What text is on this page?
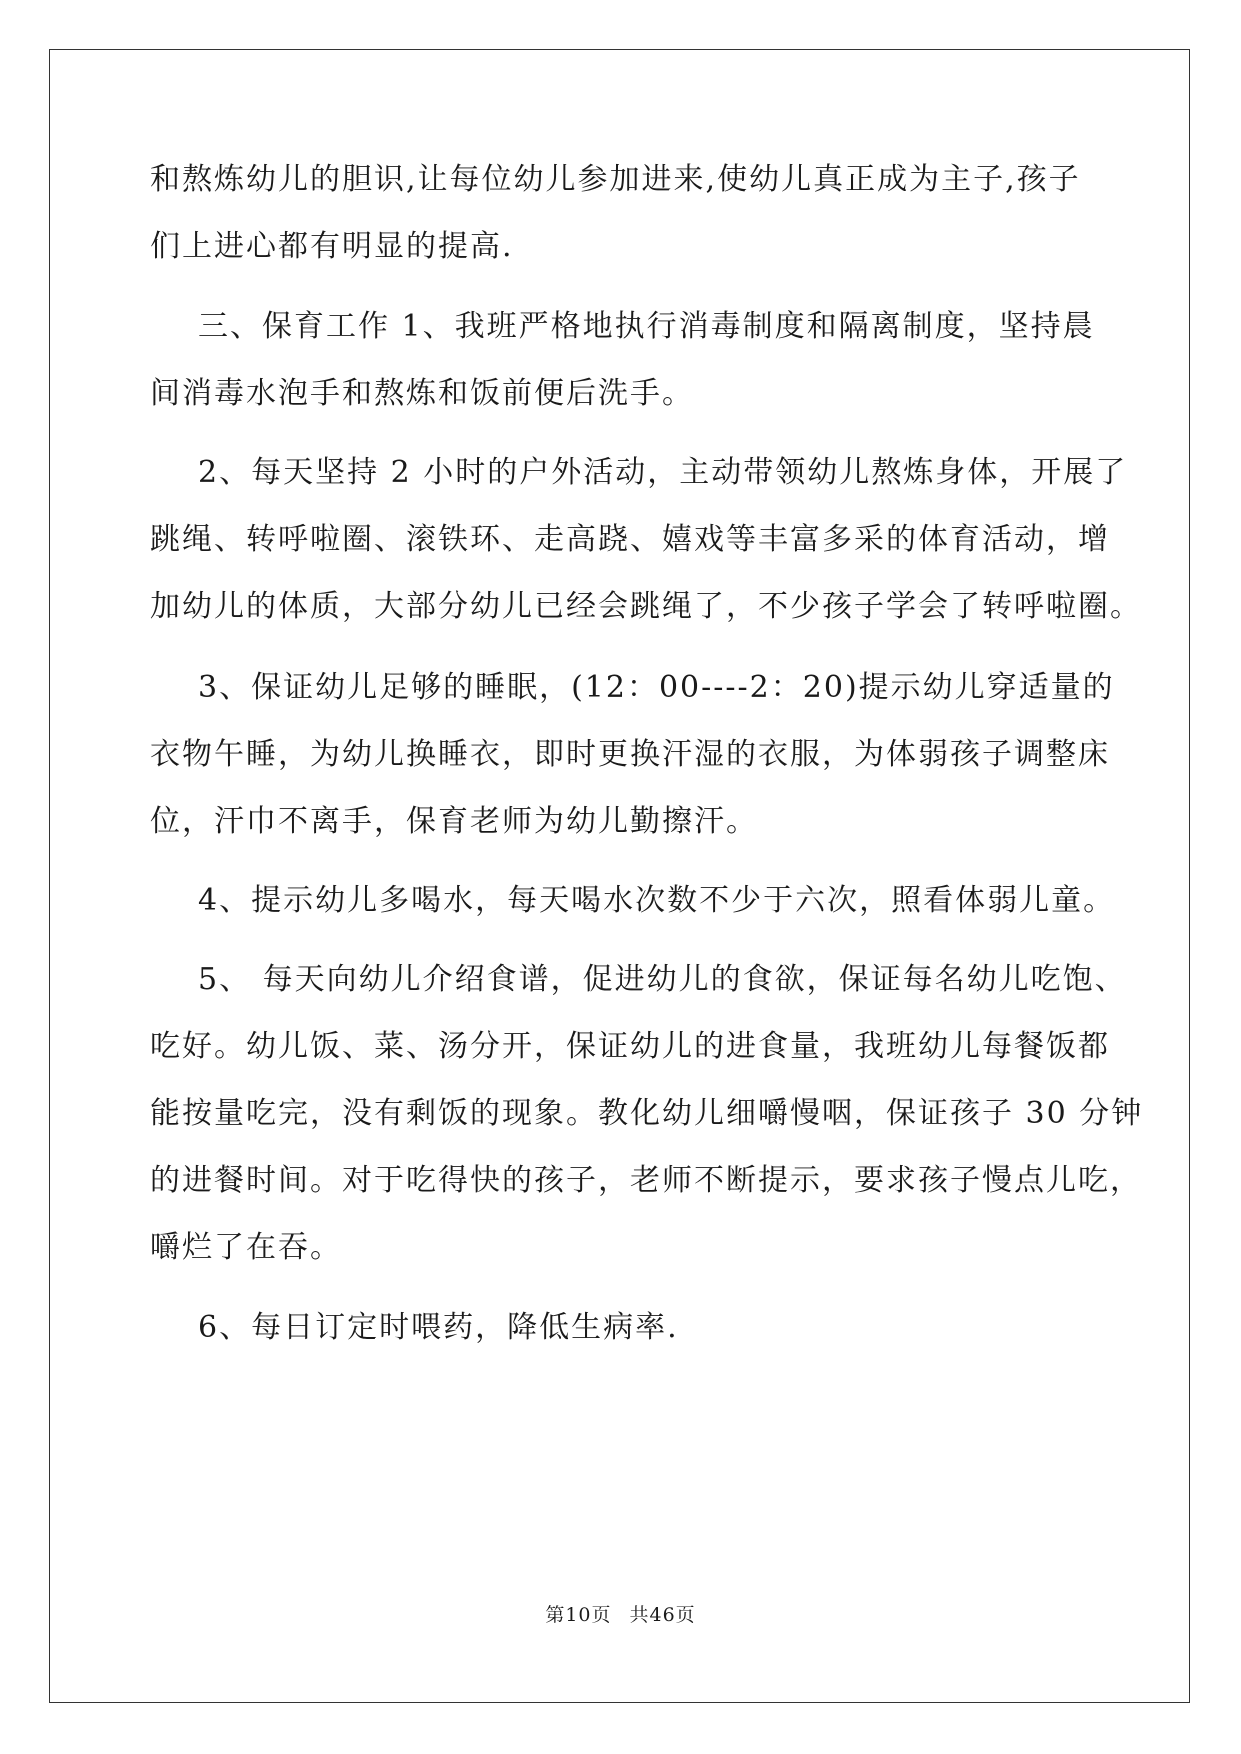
和熬炼幼儿的胆识,让每位幼儿参加进来,使幼儿真正成为主子,孩子
们上进心都有明显的提高.
三、保育工作 1、我班严格地执行消毒制度和隔离制度，坚持晨
间消毒水泡手和熬炼和饭前便后洗手。
2、每天坚持 2 小时的户外活动，主动带领幼儿熬炼身体，开展了
跳绳、转呼啦圈、滚铁环、走高跷、嬉戏等丰富多采的体育活动，增
加幼儿的体质，大部分幼儿已经会跳绳了，不少孩子学会了转呼啦圈。
3、保证幼儿足够的睡眠，(12：00----2：20)提示幼儿穿适量的
衣物午睡，为幼儿换睡衣，即时更换汗湿的衣服，为体弱孩子调整床
位，汗巾不离手，保育老师为幼儿勤擦汗。
4、提示幼儿多喝水，每天喝水次数不少于六次，照看体弱儿童。
5、 每天向幼儿介绍食谱，促进幼儿的食欲，保证每名幼儿吃饱、
吃好。幼儿饭、菜、汤分开，保证幼儿的进食量，我班幼儿每餐饭都
能按量吃完，没有剩饭的现象。教化幼儿细嚼慢咽，保证孩子 30 分钟
的进餐时间。对于吃得快的孩子，老师不断提示，要求孩子慢点儿吃，
嚼烂了在吞。
6、每日订定时喂药，降低生病率.
第10页 共46页
